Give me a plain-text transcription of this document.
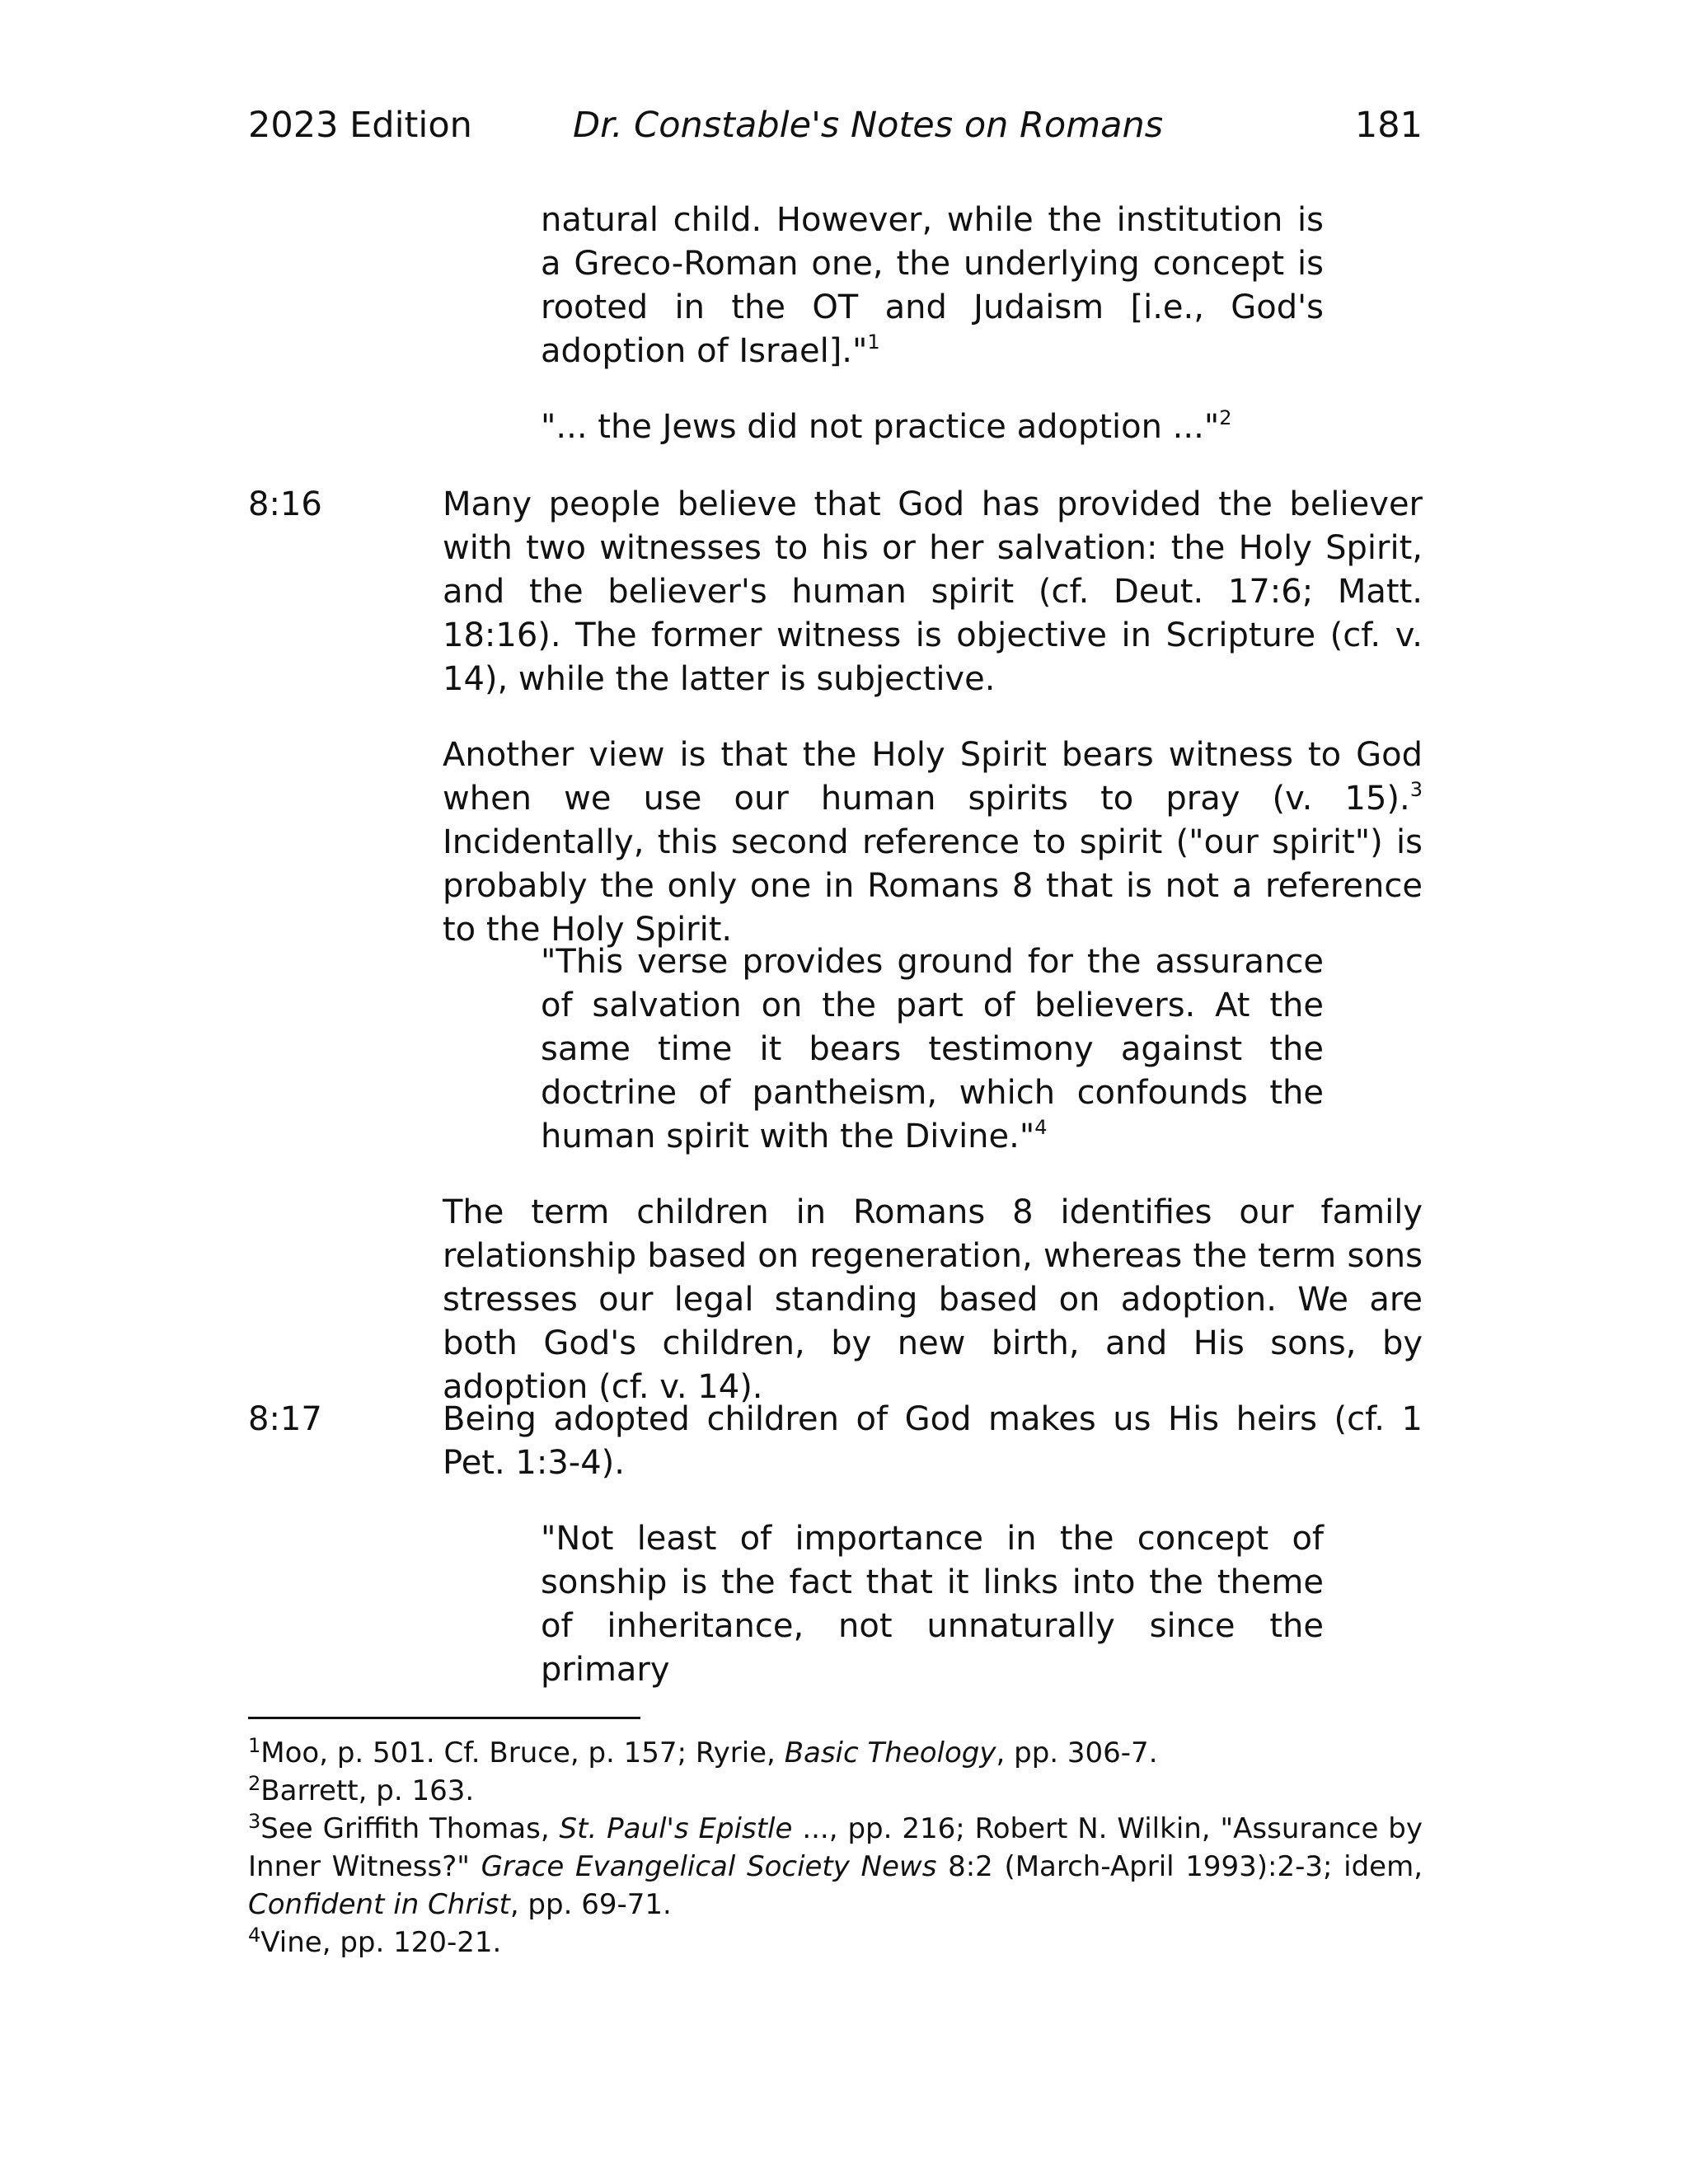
2023 Edition	Dr. Constable's Notes on Romans	181

natural child. However, while the institution is a Greco-Roman one, the underlying concept is rooted in the OT and Judaism [i.e., God's adoption of Israel]."$^1$

"... the Jews did not practice adoption ..."$^2$

8:16	Many people believe that God has provided the believer with two witnesses to his or her salvation: the Holy Spirit, and the believer's human spirit (cf. Deut. 17:6; Matt. 18:16). The former witness is objective in Scripture (cf. v. 14), while the latter is subjective.

Another view is that the Holy Spirit bears witness to God when we use our human spirits to pray (v. 15).$^3$ Incidentally, this second reference to spirit ("our spirit") is probably the only one in Romans 8 that is not a reference to the Holy Spirit.

"This verse provides ground for the assurance of salvation on the part of believers. At the same time it bears testimony against the doctrine of pantheism, which confounds the human spirit with the Divine."$^4$

The term children in Romans 8 identifies our family relationship based on regeneration, whereas the term sons stresses our legal standing based on adoption. We are both God's children, by new birth, and His sons, by adoption (cf. v. 14).

8:17	Being adopted children of God makes us His heirs (cf. 1 Pet. 1:3-4).

"Not least of importance in the concept of sonship is the fact that it links into the theme of inheritance, not unnaturally since the primary

$^1$Moo, p. 501. Cf. Bruce, p. 157; Ryrie, Basic Theology, pp. 306-7.

$^2$Barrett, p. 163.

$^3$See Griffith Thomas, St. Paul's Epistle ..., pp. 216; Robert N. Wilkin, "Assurance by Inner Witness?" Grace Evangelical Society News 8:2 (March-April 1993):2-3; idem, Confident in Christ, pp. 69-71.

$^4$Vine, pp. 120-21.
